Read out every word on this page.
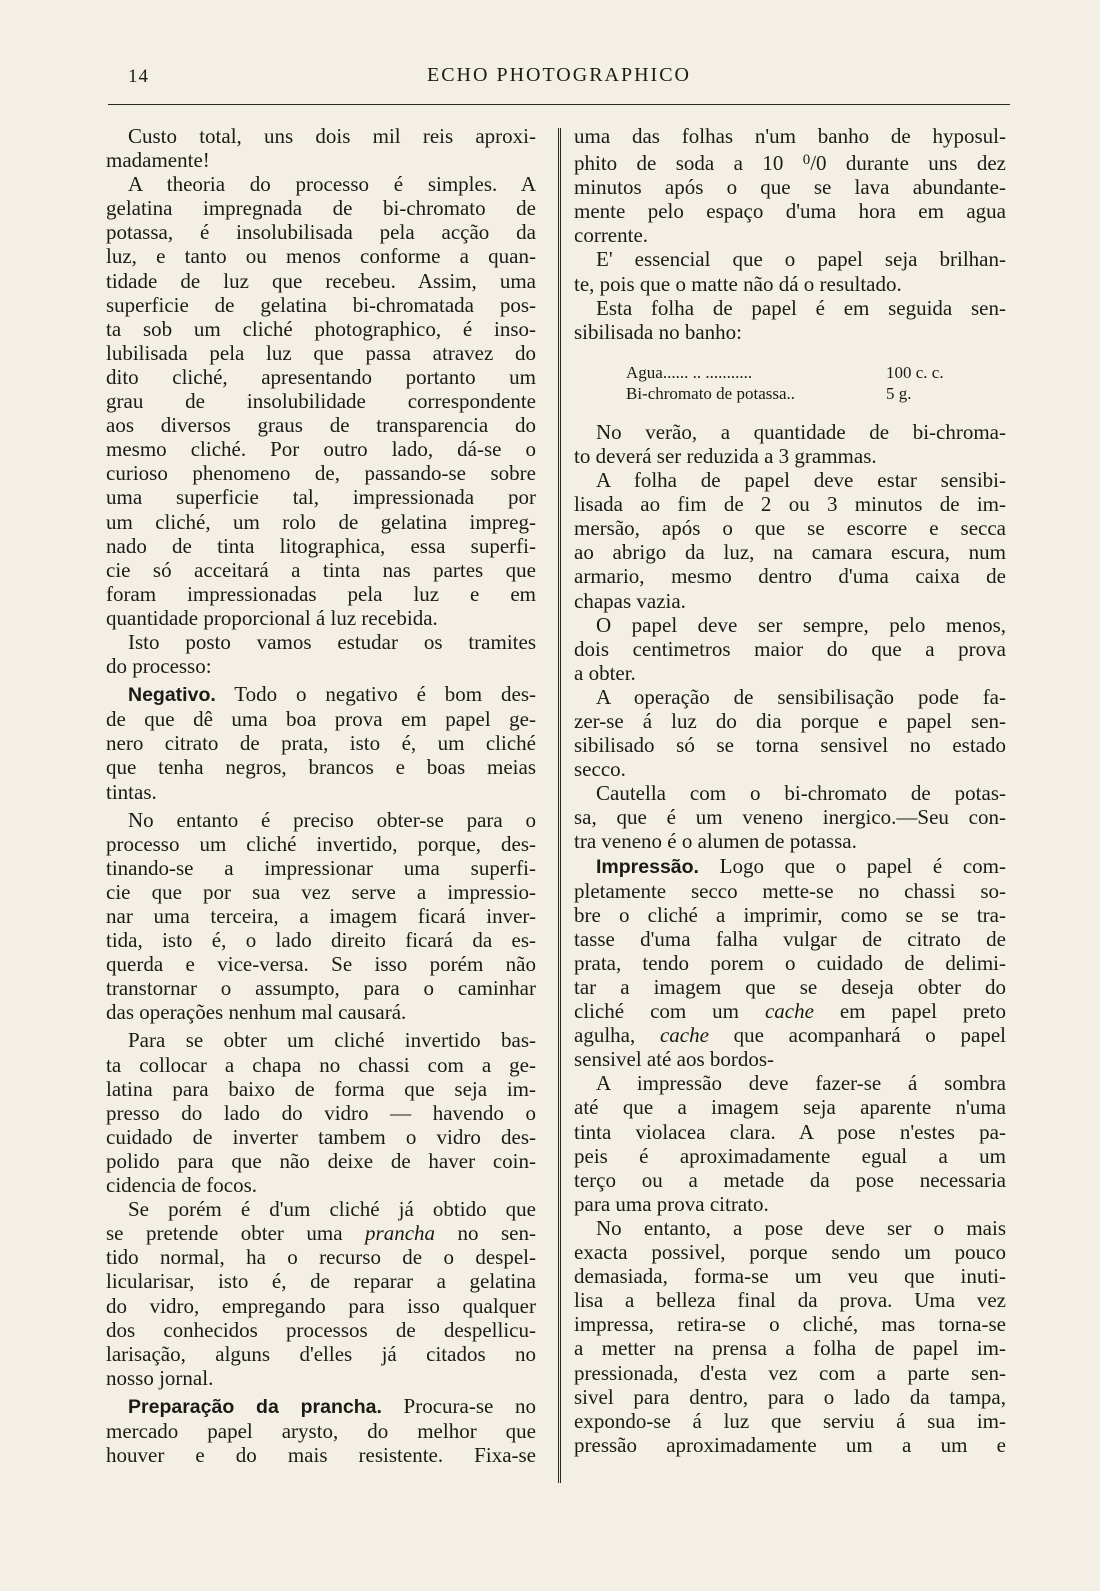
14	ECHO PHOTOGRAPHICO

Custo total, uns dois mil reis aproxi-
madamente!

A theoria do processo é simples. A
gelatina impregnada de bi-chromato de
potassa, é insolubilisada pela acção da
luz, e tanto ou menos conforme a quan-
tidade de luz que recebeu. Assim, uma
superficie de gelatina bi-chromatada pos-
ta sob um cliché photographico, é inso-
lubilisada pela luz que passa atravez do
dito cliché, apresentando portanto um
grau de insolubilidade correspondente
aos diversos graus de transparencia do
mesmo cliché. Por outro lado, dá-se o
curioso phenomeno de, passando-se sobre
uma superficie tal, impressionada por
um cliché, um rolo de gelatina impreg-
nado de tinta litographica, essa superfi-
cie só acceitará a tinta nas partes que
foram impressionadas pela luz e em
quantidade proporcional á luz recebida.

Isto posto vamos estudar os tramites
do processo:

Negativo. Todo o negativo é bom des-
de que dê uma boa prova em papel ge-
nero citrato de prata, isto é, um cliché
que tenha negros, brancos e boas meias
tintas.

No entanto é preciso obter-se para o
processo um cliché invertido, porque, des-
tinando-se a impressionar uma superfi-
cie que por sua vez serve a impressio-
nar uma terceira, a imagem ficará inver-
tida, isto é, o lado direito ficará da es-
querda e vice-versa. Se isso porém não
transtornar o assumpto, para o caminhar
das operações nenhum mal causará.

Para se obter um cliché invertido bas-
ta collocar a chapa no chassi com a ge-
latina para baixo de forma que seja im-
presso do lado do vidro — havendo o
cuidado de inverter tambem o vidro des-
polido para que não deixe de haver coin-
cidencia de focos.

Se porém é d'um cliché já obtido que
se pretende obter uma prancha no sen-
tido normal, ha o recurso de o despel-
licularisar, isto é, de reparar a gelatina
do vidro, empregando para isso qualquer
dos conhecidos processos de despellicu-
larisação, alguns d'elles já citados no
nosso jornal.

Preparação da prancha. Procura-se no
mercado papel arysto, do melhor que
houver e do mais resistente. Fixa-se

uma das folhas n'um banho de hyposul-
phito de soda a 10 $^0$/0 durante uns dez
minutos após o que se lava abundante-
mente pelo espaço d'uma hora em agua
corrente.

E' essencial que o papel seja brilhan-
te, pois que o matte não dá o resultado.

Esta folha de papel é em seguida sen-
sibilisada no banho:

Agua...... .. ...........	100 c. c.
Bi-chromato de potassa..	5 g.

No verão, a quantidade de bi-chroma-
to deverá ser reduzida a 3 grammas.

A folha de papel deve estar sensibi-
lisada ao fim de 2 ou 3 minutos de im-
mersão, após o que se escorre e secca
ao abrigo da luz, na camara escura, num
armario, mesmo dentro d'uma caixa de
chapas vazia.

O papel deve ser sempre, pelo menos,
dois centimetros maior do que a prova
a obter.

A operação de sensibilisação pode fa-
zer-se á luz do dia porque e papel sen-
sibilisado só se torna sensivel no estado
secco.

Cautella com o bi-chromato de potas-
sa, que é um veneno inergico.—Seu con-
tra veneno é o alumen de potassa.

Impressão. Logo que o papel é com-
pletamente secco mette-se no chassi so-
bre o cliché a imprimir, como se se tra-
tasse d'uma falha vulgar de citrato de
prata, tendo porem o cuidado de delimi-
tar a imagem que se deseja obter do
cliché com um cache em papel preto
agulha, cache que acompanhará o papel
sensivel até aos bordos-

A impressão deve fazer-se á sombra
até que a imagem seja aparente n'uma
tinta violacea clara. A pose n'estes pa-
peis é aproximadamente egual a um
terço ou a metade da pose necessaria
para uma prova citrato.

No entanto, a pose deve ser o mais
exacta possivel, porque sendo um pouco
demasiada, forma-se um veu que inuti-
lisa a belleza final da prova. Uma vez
impressa, retira-se o cliché, mas torna-se
a metter na prensa a folha de papel im-
pressionada, d'esta vez com a parte sen-
sivel para dentro, para o lado da tampa,
expondo-se á luz que serviu á sua im-
pressão aproximadamente um a um e
